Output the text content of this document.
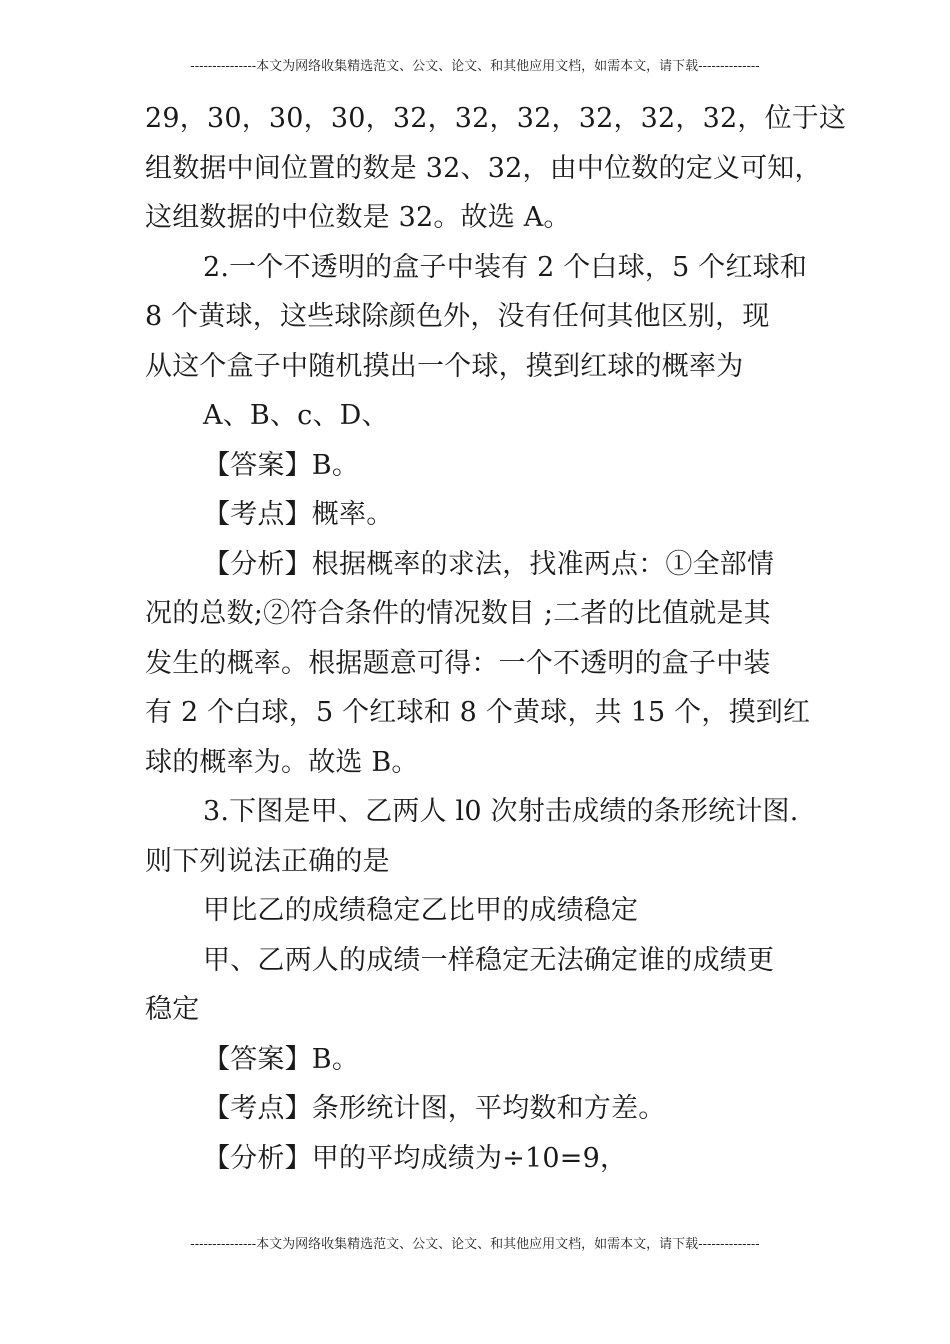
---------------本文为网络收集精选范文、公文、论文、和其他应用文档，如需本文，请下载--------------

29，30，30，30，32，32，32，32，32，32，位于这

组数据中间位置的数是 32、32，由中位数的定义可知，

这组数据的中位数是 32。故选 A。

2.一个不透明的盒子中装有 2 个白球，5 个红球和

8 个黄球，这些球除颜色外，没有任何其他区别，现

从这个盒子中随机摸出一个球，摸到红球的概率为

A、B、c、D、

【答案】B。

【考点】概率。

【分析】根据概率的求法，找准两点：①全部情

况的总数;②符合条件的情况数目 ;二者的比值就是其

发生的概率。根据题意可得：一个不透明的盒子中装

有 2 个白球，5 个红球和 8 个黄球，共 15 个，摸到红

球的概率为。故选 B。

3.下图是甲、乙两人 l0 次射击成绩的条形统计图.

则下列说法正确的是

甲比乙的成绩稳定乙比甲的成绩稳定

甲、乙两人的成绩一样稳定无法确定谁的成绩更

稳定

【答案】B。

【考点】条形统计图，平均数和方差。

【分析】甲的平均成绩为÷10=9，

---------------本文为网络收集精选范文、公文、论文、和其他应用文档，如需本文，请下载--------------
